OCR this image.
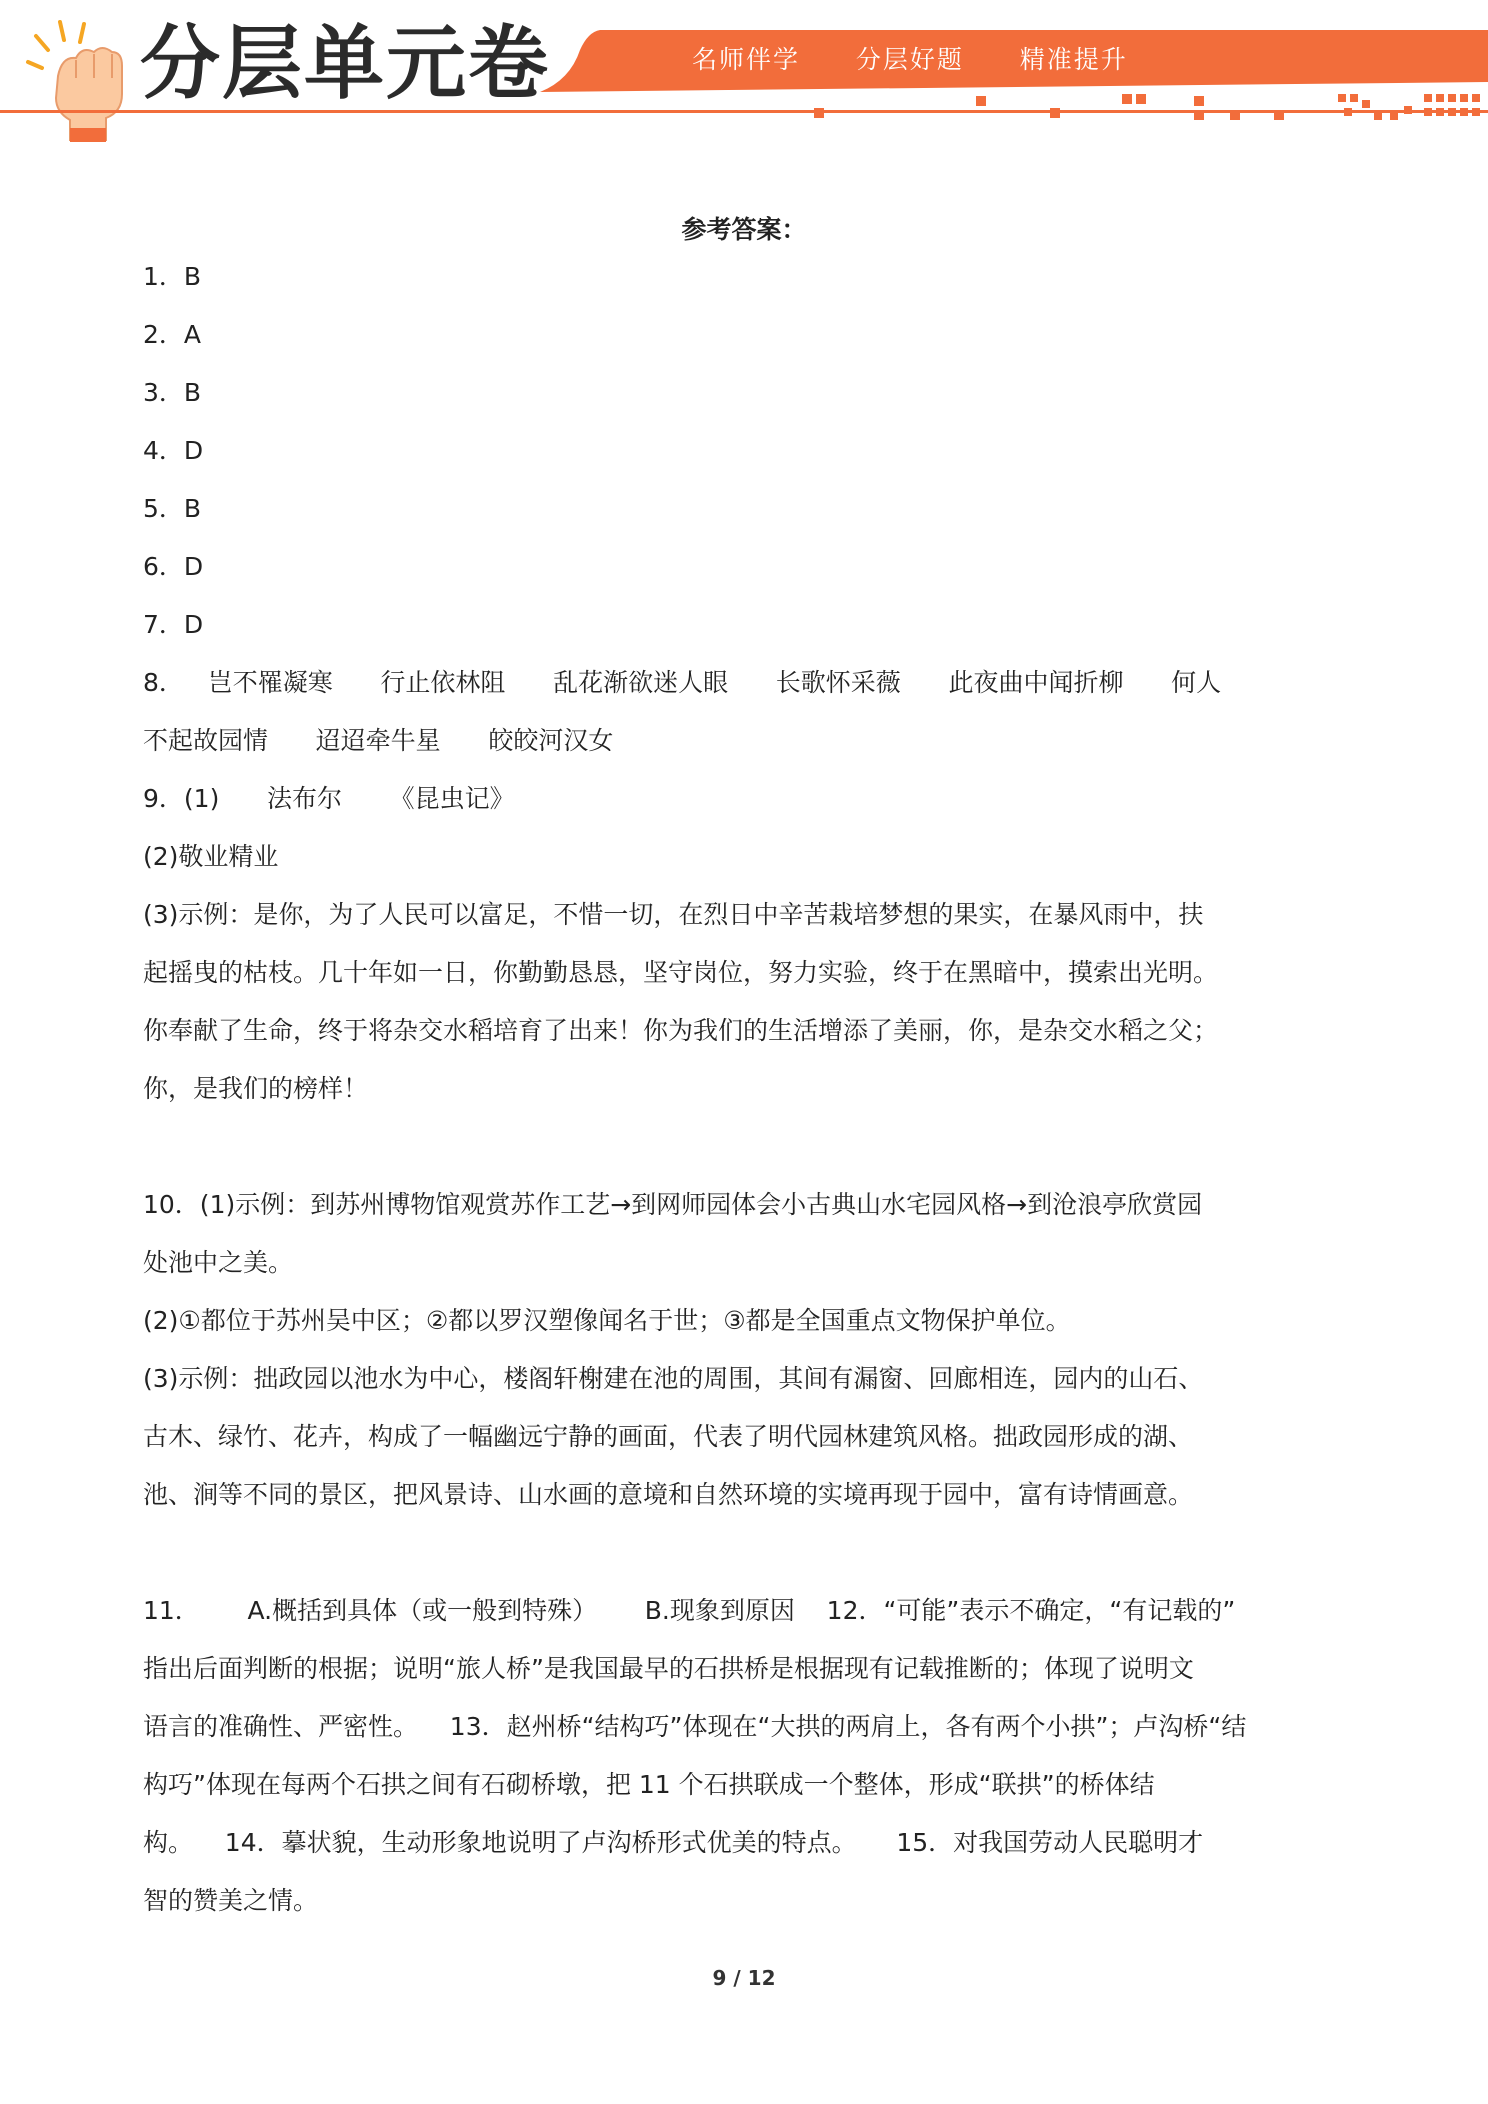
分层单元卷	名师伴学  分层好题  精准提升
参考答案：
1．B
2．A
3．B
4．D
5．B
6．D
7．D
8．   岂不罹凝寒      行止依林阻      乱花渐欲迷人眼      长歌怀采薇      此夜曲中闻折柳      何人
不起故园情      迢迢牵牛星      皎皎河汉女
9．(1)      法布尔      《昆虫记》
(2)敬业精业
(3)示例：是你，为了人民可以富足，不惜一切，在烈日中辛苦栽培梦想的果实，在暴风雨中，扶
起摇曳的枯枝。几十年如一日，你勤勤恳恳，坚守岗位，努力实验，终于在黑暗中，摸索出光明。
你奉献了生命，终于将杂交水稻培育了出来！你为我们的生活增添了美丽，你，是杂交水稻之父；
你，是我们的榜样！
10．(1)示例：到苏州博物馆观赏苏作工艺→到网师园体会小古典山水宅园风格→到沧浪亭欣赏园
处池中之美。
(2)①都位于苏州吴中区；②都以罗汉塑像闻名于世；③都是全国重点文物保护单位。
(3)示例：拙政园以池水为中心，楼阁轩榭建在池的周围，其间有漏窗、回廊相连，园内的山石、
古木、绿竹、花卉，构成了一幅幽远宁静的画面，代表了明代园林建筑风格。拙政园形成的湖、
池、涧等不同的景区，把风景诗、山水画的意境和自然环境的实境再现于园中，富有诗情画意。
11．      A.概括到具体（或一般到特殊）      B.现象到原因    12．“可能”表示不确定，“有记载的”
指出后面判断的根据；说明“旅人桥”是我国最早的石拱桥是根据现有记载推断的；体现了说明文
语言的准确性、严密性。    13．赵州桥“结构巧”体现在“大拱的两肩上，各有两个小拱”；卢沟桥“结
构巧”体现在每两个石拱之间有石砌桥墩，把 11 个石拱联成一个整体，形成“联拱”的桥体结
构。    14．摹状貌，生动形象地说明了卢沟桥形式优美的特点。     15．对我国劳动人民聪明才
智的赞美之情。
9 / 12
